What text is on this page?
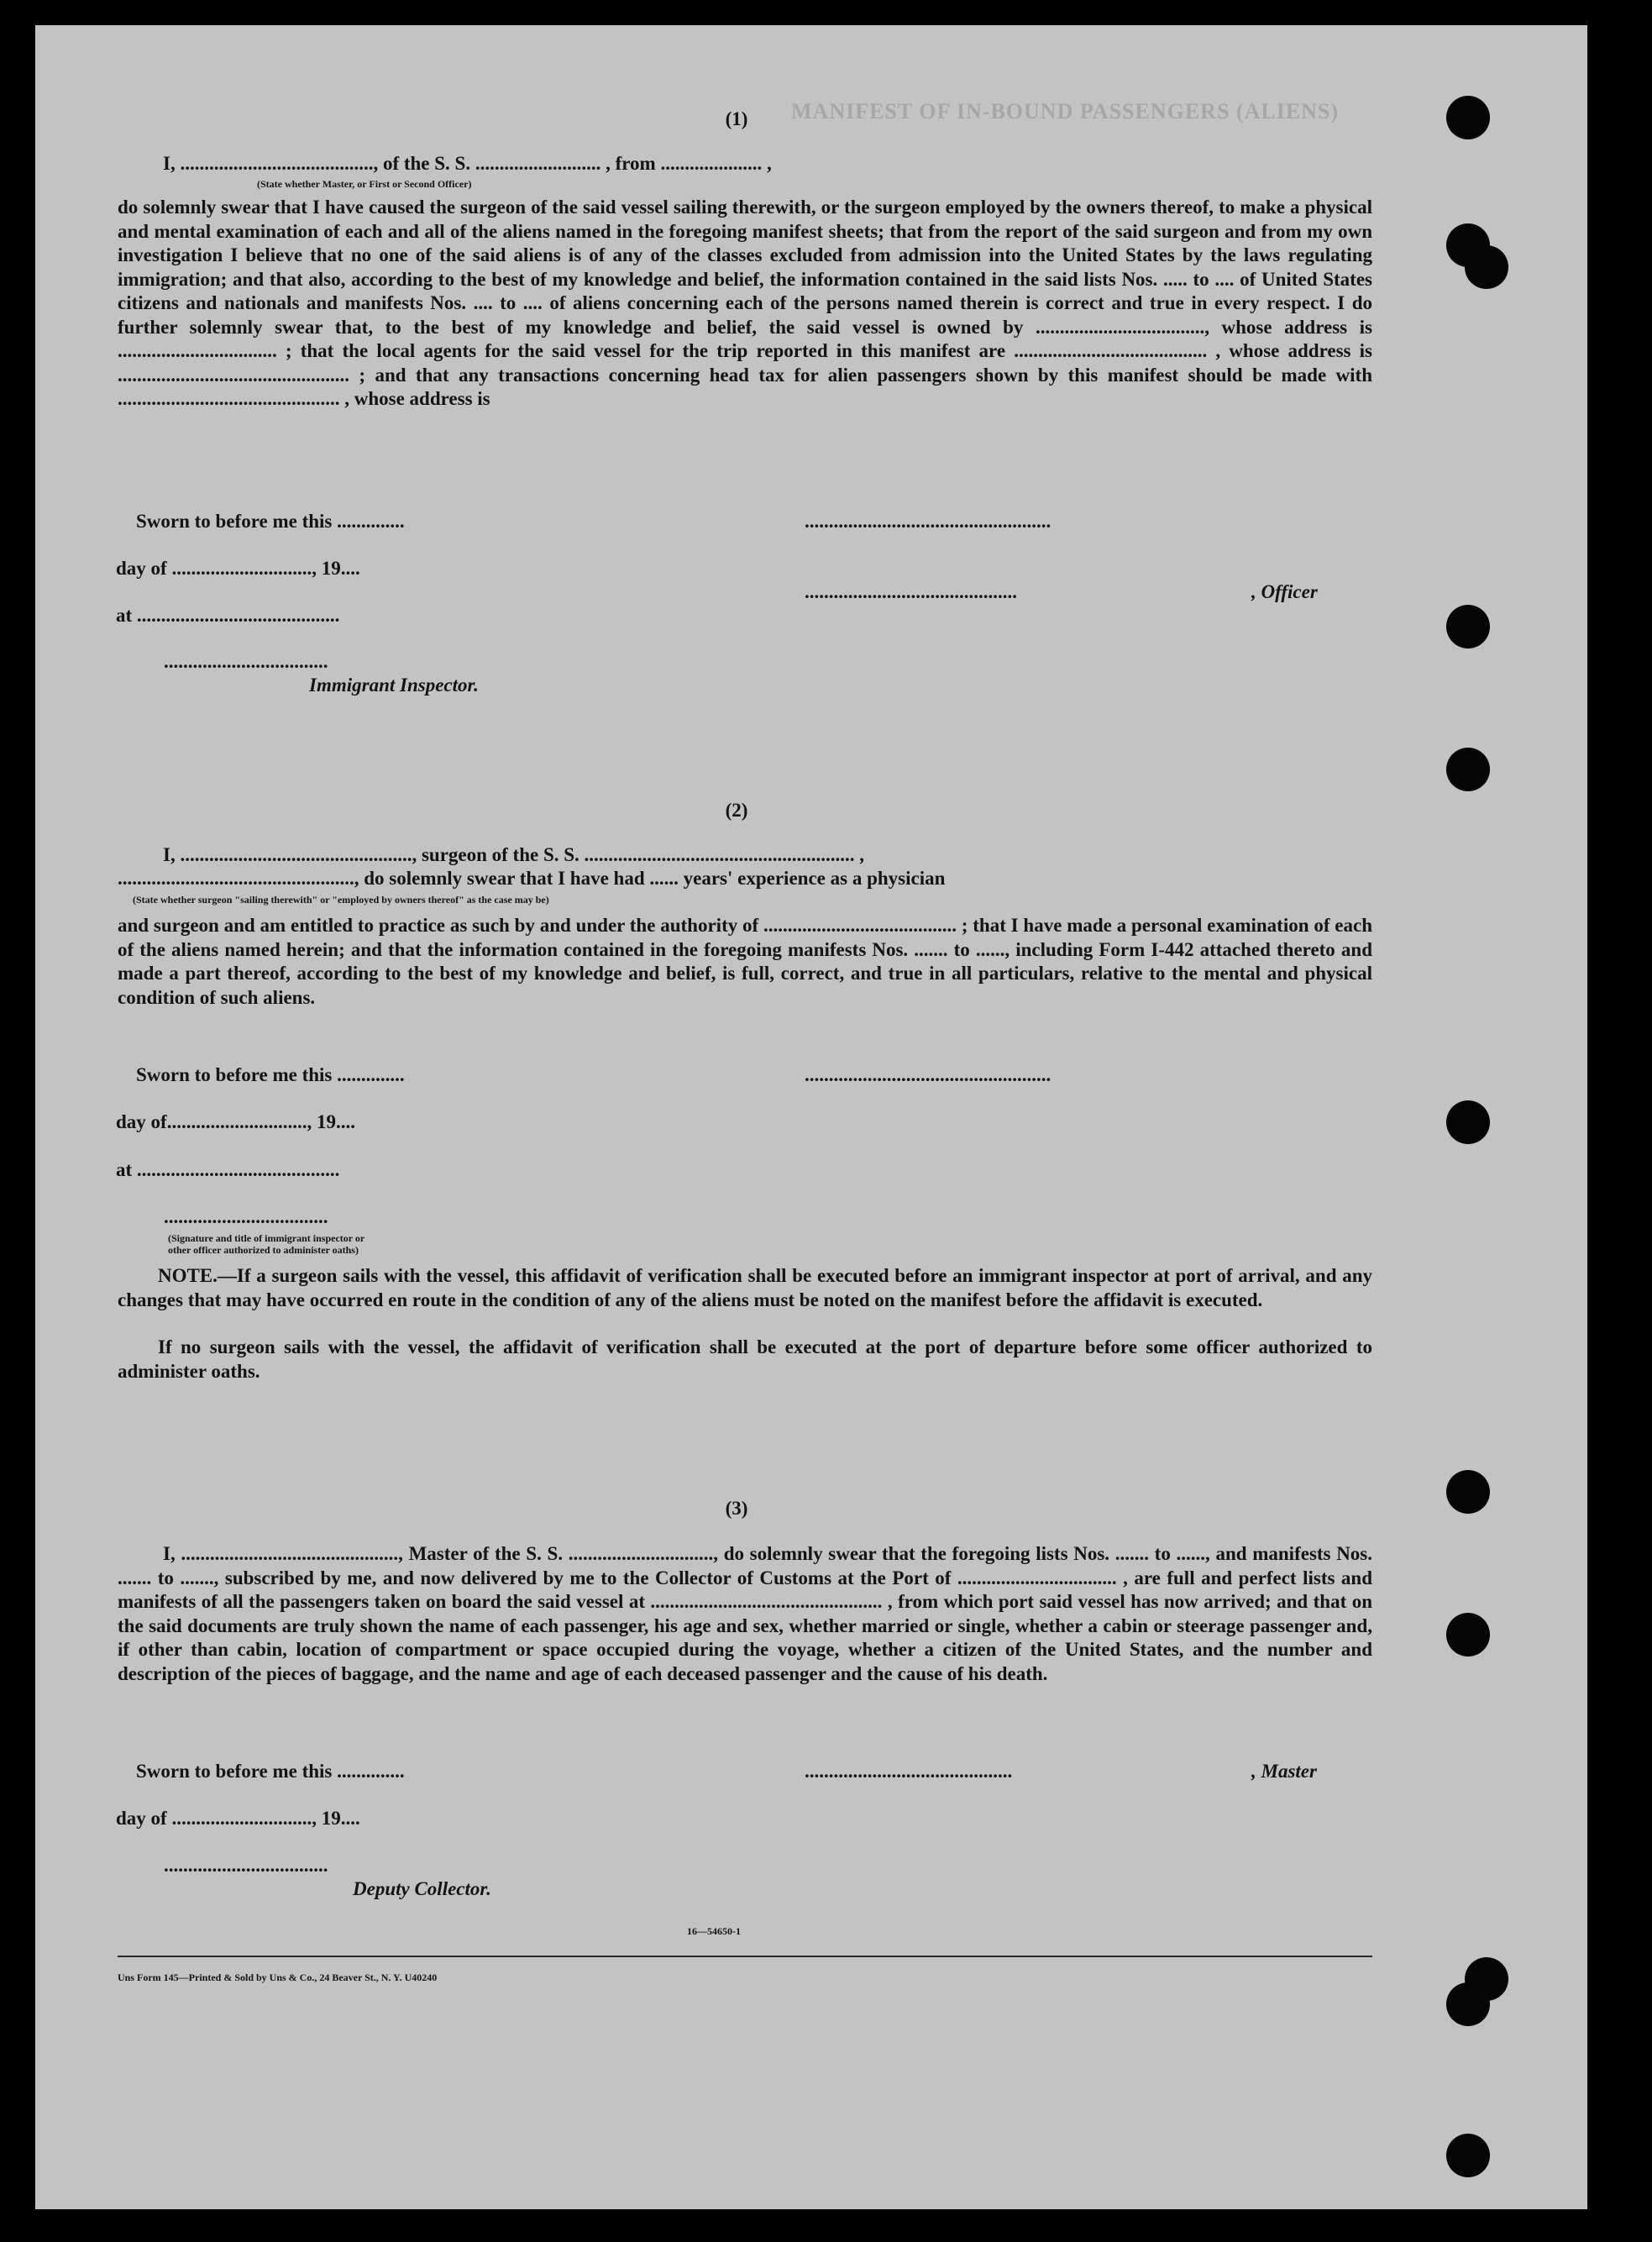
MANIFEST OF IN-BOUND PASSENGERS (ALIENS)
(1)
I, ........................................, of the S. S. .......................... , from ..................... ,
(State whether Master, or First or Second Officer)
do solemnly swear that I have caused the surgeon of the said vessel sailing therewith, or the surgeon employed by the owners thereof, to make a physical and mental examination of each and all of the aliens named in the foregoing manifest sheets; that from the report of the said surgeon and from my own investigation I believe that no one of the said aliens is of any of the classes excluded from admission into the United States by the laws regulating immigration; and that also, according to the best of my knowledge and belief, the information contained in the said lists Nos. ..... to .... of United States citizens and nationals and manifests Nos. .... to .... of aliens concerning each of the persons named therein is correct and true in every respect. I do further solemnly swear that, to the best of my knowledge and belief, the said vessel is owned by ..................................., whose address is ................................. ; that the local agents for the said vessel for the trip reported in this manifest are ........................................ , whose address is ................................................ ; and that any transactions concerning head tax for alien passengers shown by this manifest should be made with .............................................. , whose address is
Sworn to before me this ..............	...................................................
day of ............................., 19....
............................................	, Officer
at ..........................................
..................................
Immigrant Inspector.
(2)
I, ................................................, surgeon of the S. S. ........................................................ ,
................................................., do solemnly swear that I have had ...... years' experience as a physician
(State whether surgeon "sailing therewith" or "employed by owners thereof" as the case may be)
and surgeon and am entitled to practice as such by and under the authority of ........................................ ; that I have made a personal examination of each of the aliens named herein; and that the information contained in the foregoing manifests Nos. ....... to ......, including Form I-442 attached thereto and made a part thereof, according to the best of my knowledge and belief, is full, correct, and true in all particulars, relative to the mental and physical condition of such aliens.
Sworn to before me this ..............	...................................................
day of............................., 19....
at ..........................................
..................................
(Signature and title of immigrant inspector or
other officer authorized to administer oaths)
NOTE.—If a surgeon sails with the vessel, this affidavit of verification shall be executed before an immigrant inspector at port of arrival, and any changes that may have occurred en route in the condition of any of the aliens must be noted on the manifest before the affidavit is executed.
If no surgeon sails with the vessel, the affidavit of verification shall be executed at the port of departure before some officer authorized to administer oaths.
(3)
I, ............................................., Master of the S. S. .............................., do solemnly swear that the foregoing lists Nos. ....... to ......, and manifests Nos. ....... to ......., subscribed by me, and now delivered by me to the Collector of Customs at the Port of ................................. , are full and perfect lists and manifests of all the passengers taken on board the said vessel at ................................................ , from which port said vessel has now arrived; and that on the said documents are truly shown the name of each passenger, his age and sex, whether married or single, whether a cabin or steerage passenger and, if other than cabin, location of compartment or space occupied during the voyage, whether a citizen of the United States, and the number and description of the pieces of baggage, and the name and age of each deceased passenger and the cause of his death.
Sworn to before me this ..............	...........................................	, Master
day of ............................., 19....
..................................
Deputy Collector.
16—54650-1
Uns Form 145—Printed & Sold by Uns & Co., 24 Beaver St., N. Y. U40240
